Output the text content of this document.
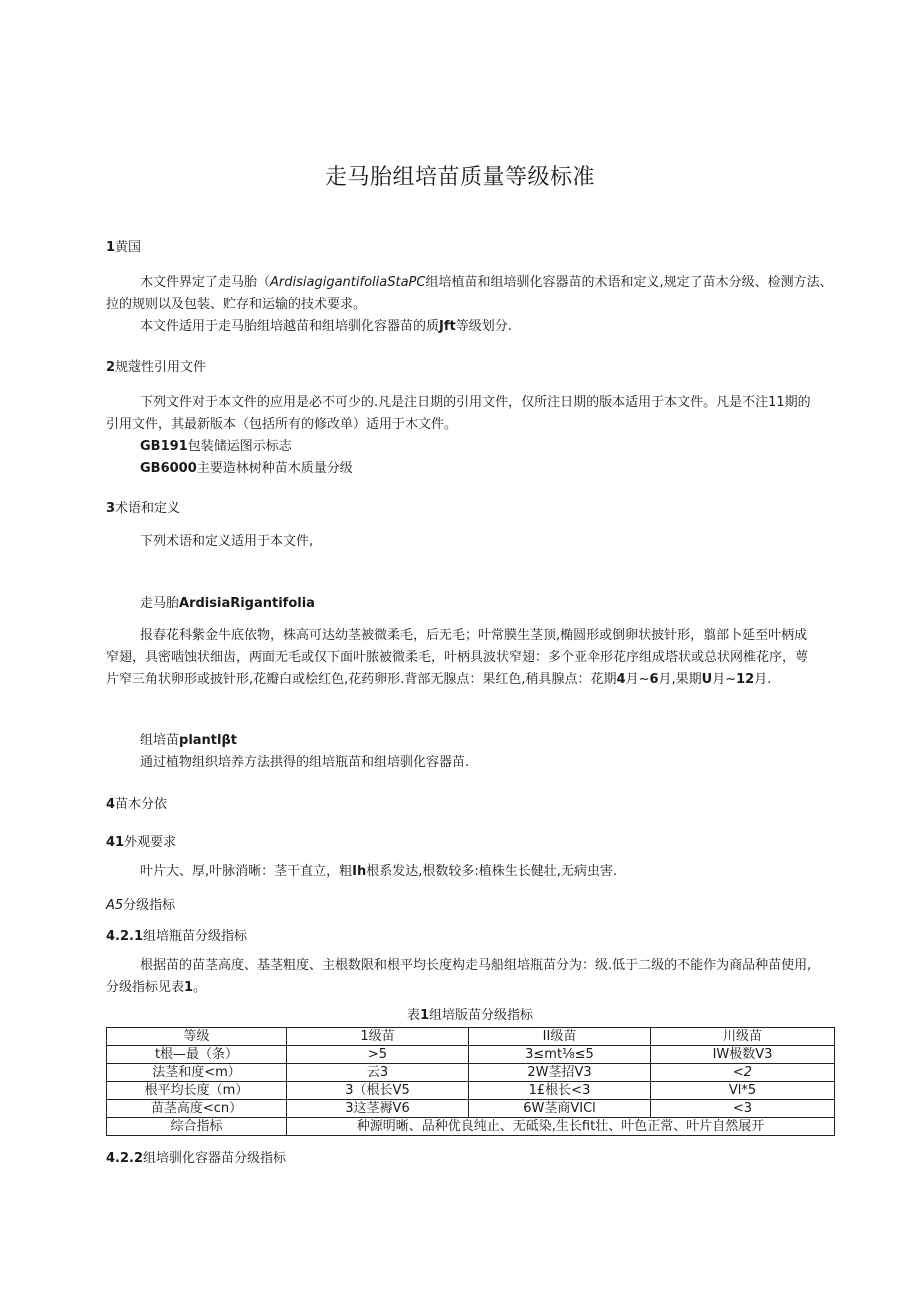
走马胎组培苗质量等级标准
1黄国
木文件界定了走马胎（ArdisiagigantifoliaStaPC组培植苗和组培驯化容器苗的术语和定义,规定了苗木分级、检测方法、
拉的规则以及包装、贮存和运输的技术要求。
本文件适用于走马胎组培越苗和组培驯化容器苗的质Jft等级划分.
2规蔻性引用文件
下列文件对于本文件的应用是必不可少的.凡是注日期的引用文件，仅所注日期的版本适用于本文件。凡是不注11期的
引用文件，其最新版本（包括所有的修改单）适用于木文件。
GB191包装储运图示标志
GB6000主要造林树种苗木质量分级
3术语和定义
下列术语和定义适用于本文件,
走马胎ArdisiaRigantifolia
报春花科紫金牛底依物，株高可达幼茎被微柔毛，后无毛；叶常膜生茎顶,椭圆形或倒卵状披针形，翦部卜延至叶柄成
窄翅，具密啮蚀状细齿，两面无毛或仅下面叶脓被微柔毛，叶柄具波状窄翅：多个亚伞形花序组成塔状或总状网椎花序，萼
片窄三角状卵形或披针形,花瓣白或桧红色,花药卵形.背部无腺点：果红色,稍具腺点：花期4月~6月,果期U月~12月.
组培苗plantlβt
通过植物组织培养方法拱得的组培瓶苗和组培驯化容器苗.
4苗木分依
41外观要求
叶片大、厚,叶脉消晰：茎干直立，粗Ih根系发达,根数较多:植株生长健壮,无病虫害.
A5分级指标
4.2.1组培瓶苗分级指标
根据苗的苗茎高度、基茎粗度、主根数限和根平均长度构走马船组培瓶苗分为：级.低于二级的不能作为商品种苗使用,
分级指标见表1。
表1组培版苗分级指标
等级	1级苗	II级苗	川级苗
t根—最（条）	>5	3≤mt⅛≤5	IW极数V3
法茎和度<m）	云3	2W茎招V3	<2
根平均长度（m）	3（根长V5	1£根长<3	Vl*5
苗茎高度<cn）	3这茎褥V6	6W茎商VICl	<3
综合指标	种源明晰、品种优良纯止、无砥染,生长fit壮、叶色正常、叶片自然展开		
4.2.2组培驯化容器苗分级指标
